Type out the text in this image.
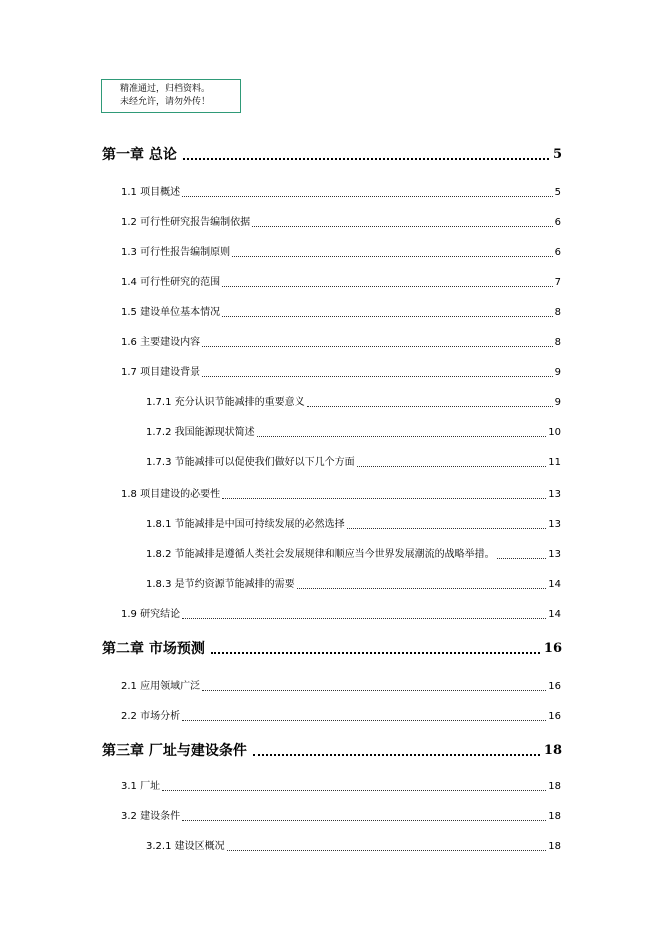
精准通过，归档资料。
未经允许，请勿外传！
第一章 总论	5
1.1 项目概述	5
1.2 可行性研究报告编制依据	6
1.3 可行性报告编制原则	6
1.4 可行性研究的范围	7
1.5 建设单位基本情况	8
1.6 主要建设内容	8
1.7 项目建设背景	9
1.7.1 充分认识节能减排的重要意义	9
1.7.2 我国能源现状简述	10
1.7.3 节能减排可以促使我们做好以下几个方面	11
1.8 项目建设的必要性	13
1.8.1 节能减排是中国可持续发展的必然选择	13
1.8.2 节能减排是遵循人类社会发展规律和顺应当今世界发展潮流的战略举措。	13
1.8.3 是节约资源节能减排的需要	14
1.9 研究结论	14
第二章 市场预测	16
2.1 应用领域广泛	16
2.2 市场分析	16
第三章 厂址与建设条件	18
3.1 厂址	18
3.2 建设条件	18
3.2.1 建设区概况	18
